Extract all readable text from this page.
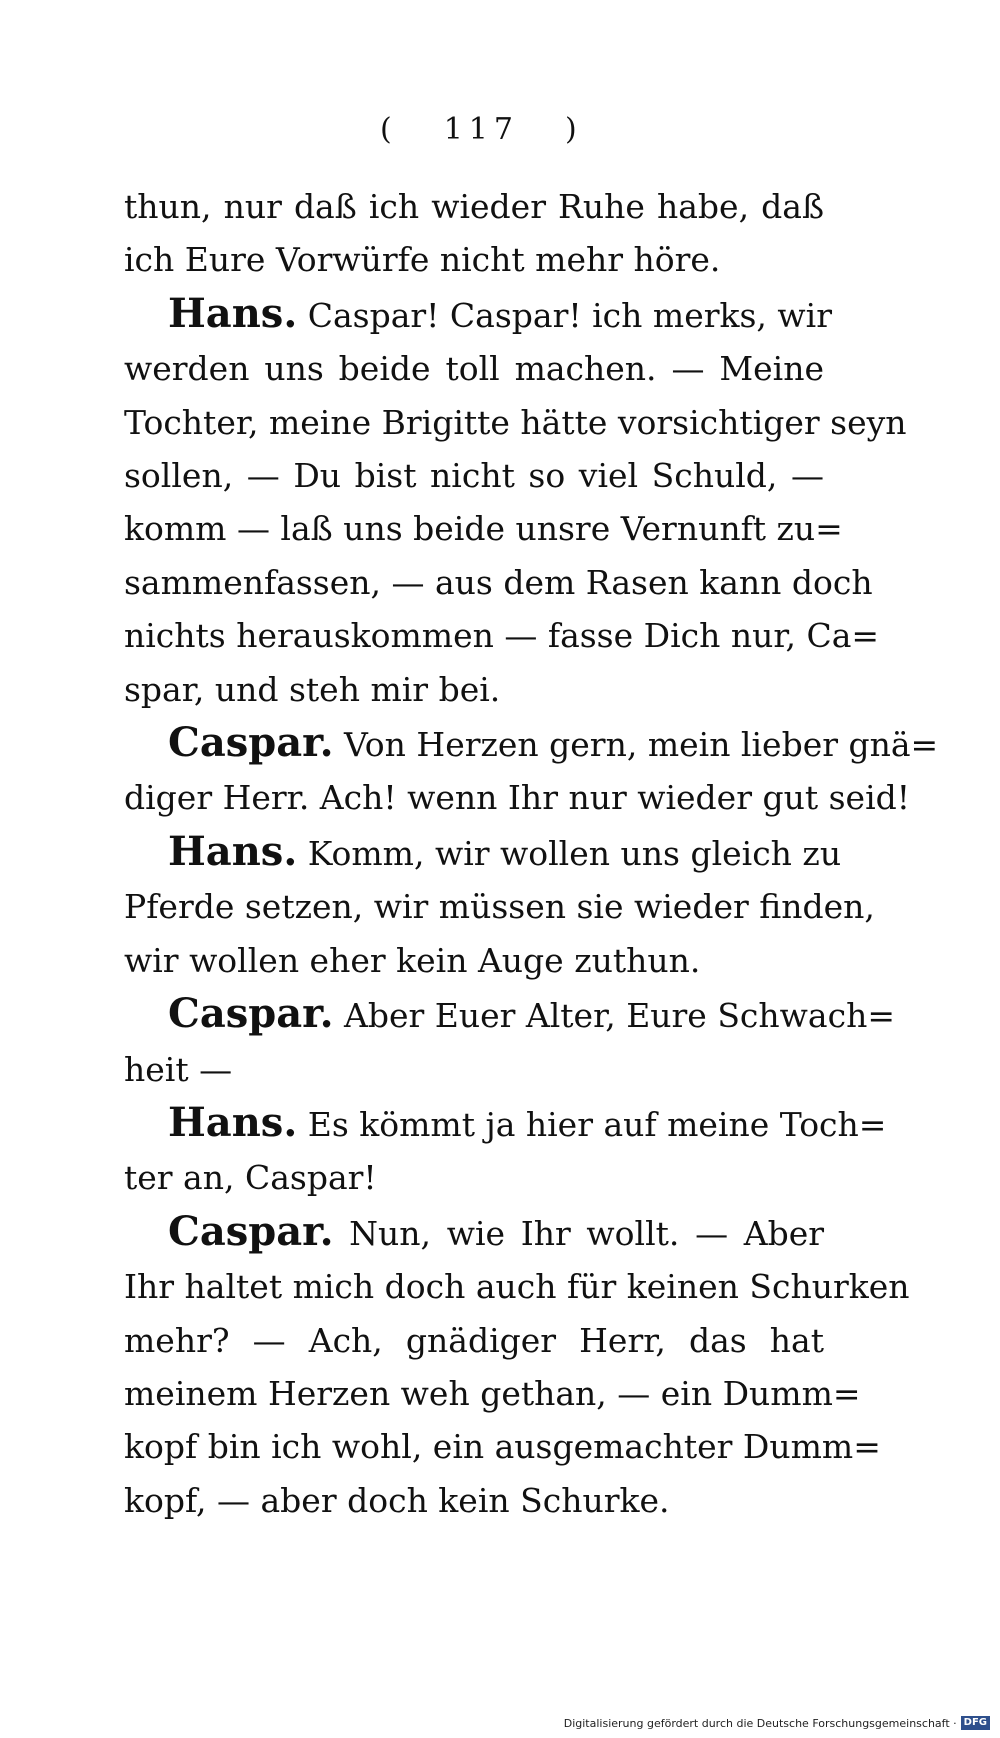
( 117 )
thun, nur daß ich wieder Ruhe habe, daß
ich Eure Vorwürfe nicht mehr höre.
Hans. Caspar! Caspar! ich merks, wir
werden uns beide toll machen. — Meine
Tochter, meine Brigitte hätte vorsichtiger seyn
sollen, — Du bist nicht so viel Schuld, —
komm — laß uns beide unsre Vernunft zu=
sammenfassen, — aus dem Rasen kann doch
nichts herauskommen — fasse Dich nur, Ca=
spar, und steh mir bei.
Caspar. Von Herzen gern, mein lieber gnä=
diger Herr. Ach! wenn Ihr nur wieder gut seid!
Hans. Komm, wir wollen uns gleich zu
Pferde setzen, wir müssen sie wieder finden,
wir wollen eher kein Auge zuthun.
Caspar. Aber Euer Alter, Eure Schwach=
heit —
Hans. Es kömmt ja hier auf meine Toch=
ter an, Caspar!
Caspar. Nun, wie Ihr wollt. — Aber
Ihr haltet mich doch auch für keinen Schurken
mehr? — Ach, gnädiger Herr, das hat
meinem Herzen weh gethan, — ein Dumm=
kopf bin ich wohl, ein ausgemachter Dumm=
kopf, — aber doch kein Schurke.
Digitalisierung gefördert durch die Deutsche Forschungsgemeinschaft · DFG
